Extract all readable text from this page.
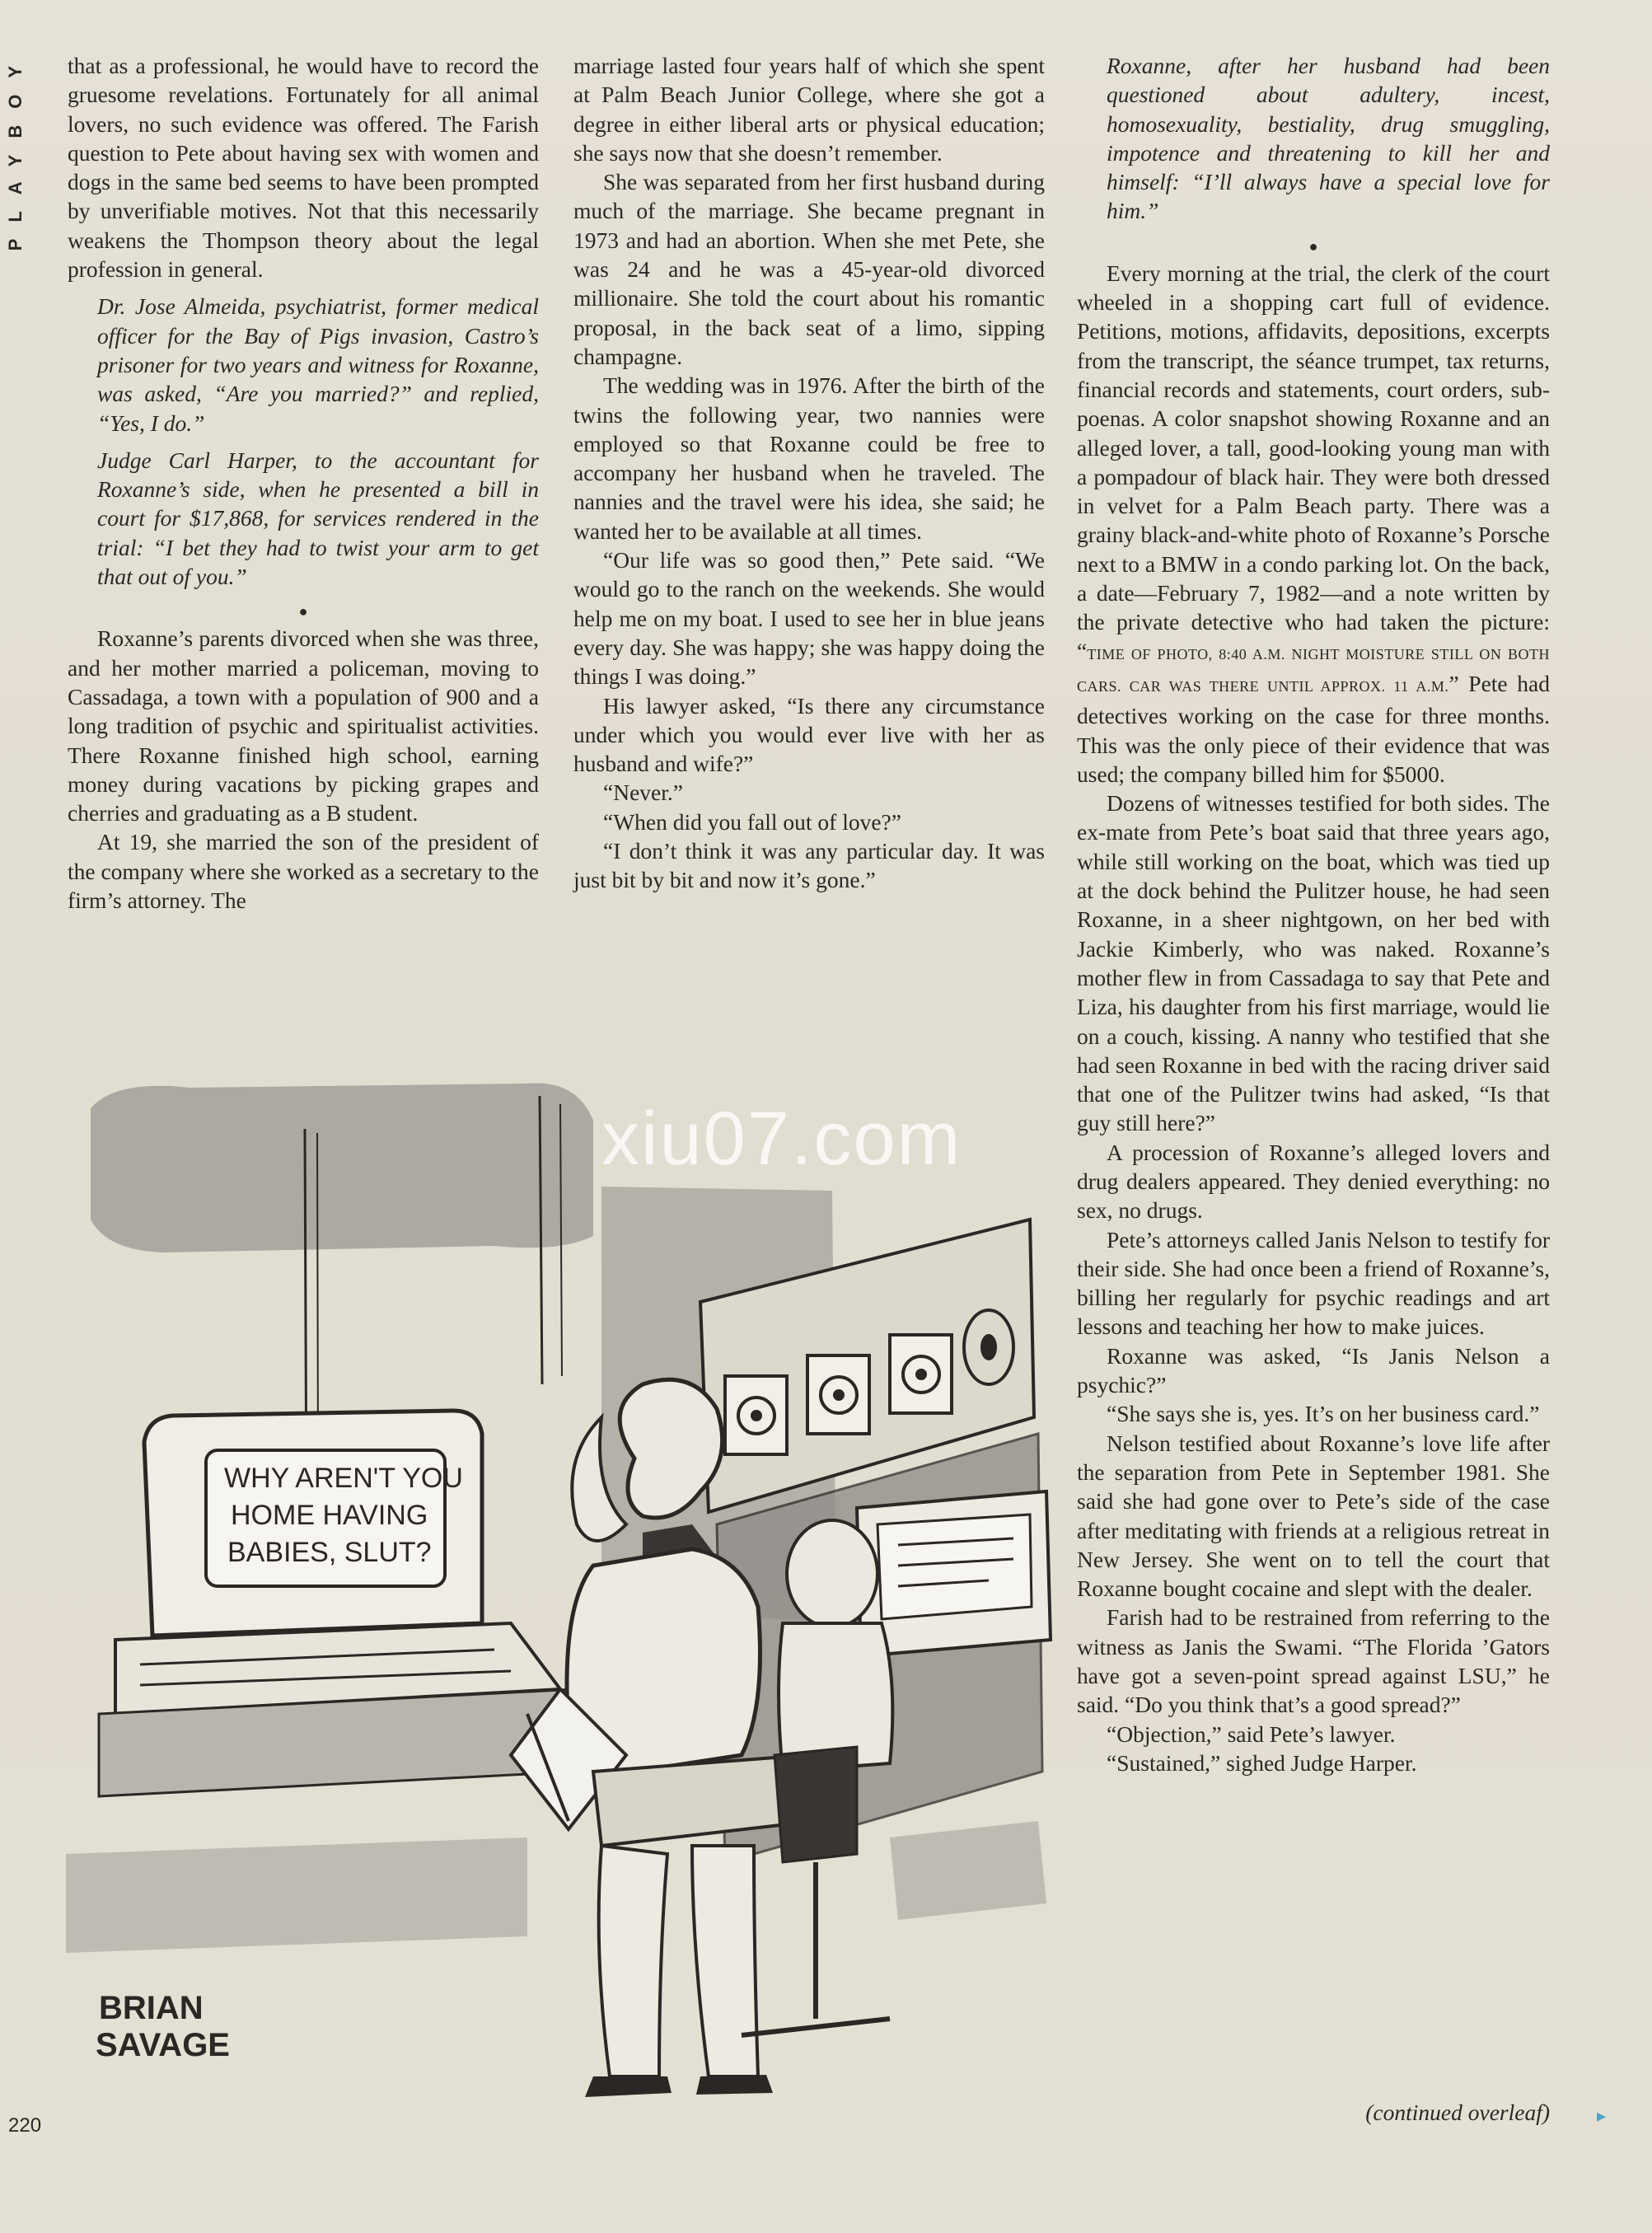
PLAYBOY that as a professional, he would have to record the gruesome revelations. Fortunately for all animal lovers, no such evidence was offered. The Farish question to Pete about having sex with women and dogs in the same bed seems to have been prompted by unverifiable motives. Not that this necessarily weakens the Thompson theory about the legal profession in general.

Dr. Jose Almeida, psychiatrist, former medical officer for the Bay of Pigs invasion, Castro’s prisoner for two years and witness for Roxanne, was asked, “Are you married?” and replied, “Yes, I do.”

Judge Carl Harper, to the accountant for Roxanne’s side, when he presented a bill in court for $17,868, for services rendered in the trial: “I bet they had to twist your arm to get that out of you.”

●

Roxanne’s parents divorced when she was three, and her mother married a policeman, moving to Cassadaga, a town with a population of 900 and a long tradition of psychic and spiritualist activities. There Roxanne finished high school, earning money during vacations by picking grapes and cherries and graduating as a B student.

At 19, she married the son of the president of the company where she worked as a secretary to the firm’s attorney. The

marriage lasted four years half of which she spent at Palm Beach Junior College, where she got a degree in either liberal arts or physical education; she says now that she doesn’t remember.

She was separated from her first husband during much of the marriage. She became pregnant in 1973 and had an abortion. When she met Pete, she was 24 and he was a 45-year-old divorced millionaire. She told the court about his romantic proposal, in the back seat of a limo, sipping champagne.

The wedding was in 1976. After the birth of the twins the following year, two nannies were employed so that Roxanne could be free to accompany her husband when he traveled. The nannies and the travel were his idea, she said; he wanted her to be available at all times.

“Our life was so good then,” Pete said. “We would go to the ranch on the weekends. She would help me on my boat. I used to see her in blue jeans every day. She was happy; she was happy doing the things I was doing.”

His lawyer asked, “Is there any circumstance under which you would ever live with her as husband and wife?”

“Never.”

“When did you fall out of love?”

“I don’t think it was any particular day. It was just bit by bit and now it’s gone.”

Roxanne, after her husband had been questioned about adultery, incest, homosexuality, bestiality, drug smuggling, impotence and threatening to kill her and himself: “I’ll always have a special love for him.”

●

Every morning at the trial, the clerk of the court wheeled in a shopping cart full of evidence. Petitions, motions, affidavits, depositions, excerpts from the transcript, the séance trumpet, tax returns, financial records and statements, court orders, subpoenas. A color snapshot showing Roxanne and an alleged lover, a tall, good-looking young man with a pompadour of black hair. They were both dressed in velvet for a Palm Beach party. There was a grainy black-and-white photo of Roxanne’s Porsche next to a BMW in a condo parking lot. On the back, a date—February 7, 1982—and a note written by the private detective who had taken the picture: “TIME OF PHOTO, 8:40 A.M. NIGHT MOISTURE STILL ON BOTH CARS. CAR WAS THERE UNTIL APPROX. 11 A.M.” Pete had detectives working on the case for three months. This was the only piece of their evidence that was used; the company billed him for $5000.

Dozens of witnesses testified for both sides. The ex-mate from Pete’s boat said that three years ago, while still working on the boat, which was tied up at the dock behind the Pulitzer house, he had seen Roxanne, in a sheer nightgown, on her bed with Jackie Kimberly, who was naked. Roxanne’s mother flew in from Cassadaga to say that Pete and Liza, his daughter from his first marriage, would lie on a couch, kissing. A nanny who testified that she had seen Roxanne in bed with the racing driver said that one of the Pulitzer twins had asked, “Is that guy still here?”

A procession of Roxanne’s alleged lovers and drug dealers appeared. They denied everything: no sex, no drugs.

Pete’s attorneys called Janis Nelson to testify for their side. She had once been a friend of Roxanne’s, billing her regularly for psychic readings and art lessons and teaching her how to make juices.

Roxanne was asked, “Is Janis Nelson a psychic?”

“She says she is, yes. It’s on her business card.”

Nelson testified about Roxanne’s love life after the separation from Pete in September 1981. She said she had gone over to Pete’s side of the case after meditating with friends at a religious retreat in New Jersey. She went on to tell the court that Roxanne bought cocaine and slept with the dealer.

Farish had to be restrained from referring to the witness as Janis the Swami. “The Florida ’Gators have got a seven-point spread against LSU,” he said. “Do you think that’s a good spread?”

“Objection,” said Pete’s lawyer.

“Sustained,” sighed Judge Harper.

(continued overleaf)	▸
WHY AREN'T YOU
HOME HAVING
BABIES, SLUT?
BRIAN
SAVAGE
xiu07.com
220
